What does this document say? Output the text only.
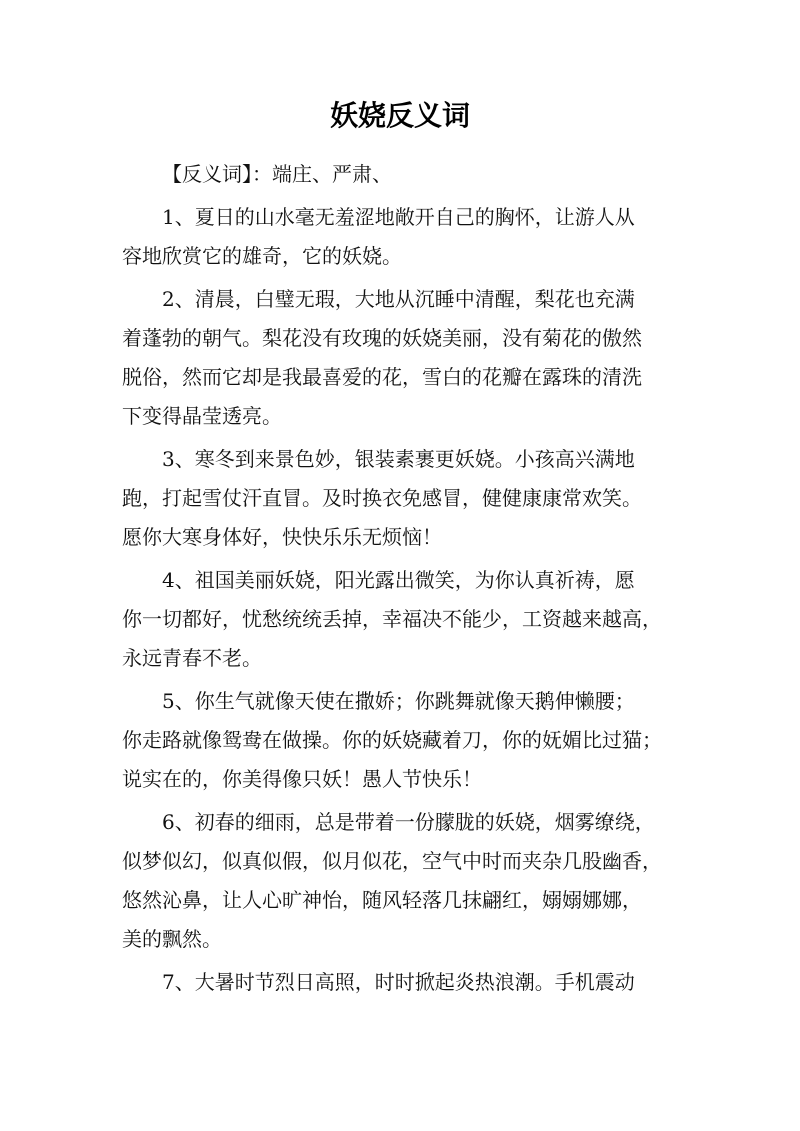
妖娆反义词
【反义词】：端庄、严肃、
1、夏日的山水毫无羞涩地敞开自己的胸怀，让游人从
容地欣赏它的雄奇，它的妖娆。
2、清晨，白璧无瑕，大地从沉睡中清醒，梨花也充满
着蓬勃的朝气。梨花没有玫瑰的妖娆美丽，没有菊花的傲然
脱俗，然而它却是我最喜爱的花，雪白的花瓣在露珠的清洗
下变得晶莹透亮。
3、寒冬到来景色妙，银装素裹更妖娆。小孩高兴满地
跑，打起雪仗汗直冒。及时换衣免感冒，健健康康常欢笑。
愿你大寒身体好，快快乐乐无烦恼！
4、祖国美丽妖娆，阳光露出微笑，为你认真祈祷，愿
你一切都好，忧愁统统丢掉，幸福决不能少，工资越来越高，
永远青春不老。
5、你生气就像天使在撒娇；你跳舞就像天鹅伸懒腰；
你走路就像鸳鸯在做操。你的妖娆藏着刀，你的妩媚比过猫；
说实在的，你美得像只妖！愚人节快乐！
6、初春的细雨，总是带着一份朦胧的妖娆，烟雾缭绕，
似梦似幻，似真似假，似月似花，空气中时而夹杂几股幽香，
悠然沁鼻，让人心旷神怡，随风轻落几抹翩红，嫋嫋娜娜，
美的飘然。
7、大暑时节烈日高照，时时掀起炎热浪潮。手机震动
